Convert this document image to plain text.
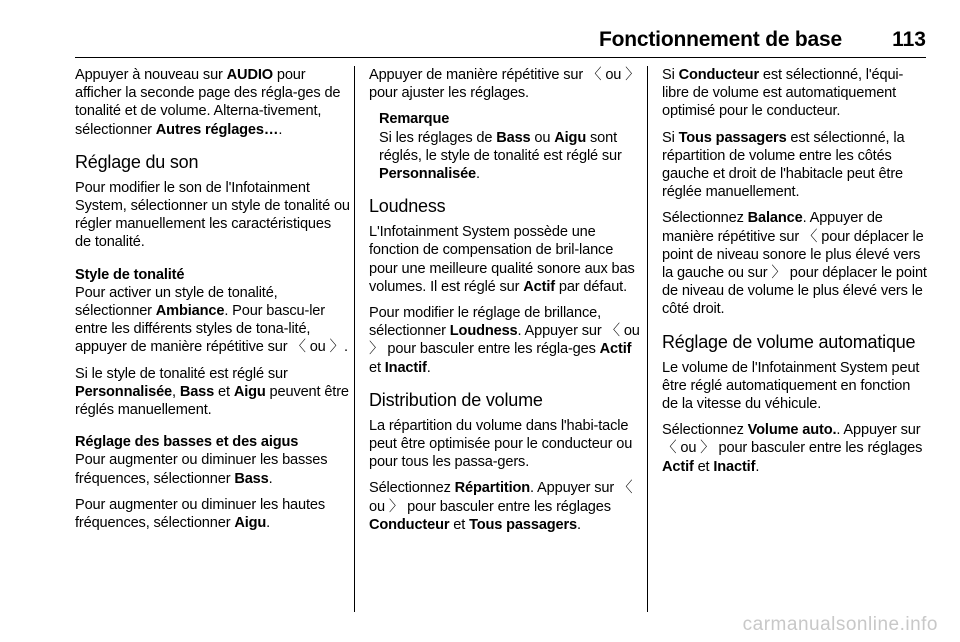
Fonctionnement de base 113

Appuyer à nouveau sur AUDIO pour afficher la seconde page des régla-ges de tonalité et de volume. Alterna-tivement, sélectionner Autres réglages….

Réglage du son

Pour modifier le son de l'Infotainment System, sélectionner un style de tonalité ou régler manuellement les caractéristiques de tonalité.

Style de tonalité

Pour activer un style de tonalité, sélectionner Ambiance. Pour bascu-ler entre les différents styles de tona-lité, appuyer de manière répétitive sur 〈 ou 〉.

Si le style de tonalité est réglé sur Personnalisée, Bass et Aigu peuvent être réglés manuellement.

Réglage des basses et des aigus

Pour augmenter ou diminuer les basses fréquences, sélectionner Bass.

Pour augmenter ou diminuer les hautes fréquences, sélectionner Aigu.

Appuyer de manière répétitive sur 〈 ou 〉 pour ajuster les réglages.

Remarque
Si les réglages de Bass ou Aigu sont réglés, le style de tonalité est réglé sur Personnalisée.
Loudness

L'Infotainment System possède une fonction de compensation de bril-lance pour une meilleure qualité sonore aux bas volumes. Il est réglé sur Actif par défaut.

Pour modifier le réglage de brillance, sélectionner Loudness. Appuyer sur 〈 ou 〉 pour basculer entre les régla-ges Actif et Inactif.

Distribution de volume

La répartition du volume dans l'habi-tacle peut être optimisée pour le conducteur ou pour tous les passa-gers.

Sélectionnez Répartition. Appuyer sur 〈 ou 〉 pour basculer entre les réglages Conducteur et Tous passagers.

Si Conducteur est sélectionné, l'équi-libre de volume est automatiquement optimisé pour le conducteur.

Si Tous passagers est sélectionné, la répartition de volume entre les côtés gauche et droit de l'habitacle peut être réglée manuellement.

Sélectionnez Balance. Appuyer de manière répétitive sur 〈 pour déplacer le point de niveau sonore le plus élevé vers la gauche ou sur 〉 pour déplacer le point de niveau de volume le plus élevé vers le côté droit.

Réglage de volume automatique

Le volume de l'Infotainment System peut être réglé automatiquement en fonction de la vitesse du véhicule.

Sélectionnez Volume auto.. Appuyer sur 〈 ou 〉 pour basculer entre les réglages Actif et Inactif.

carmanualsonline.info
